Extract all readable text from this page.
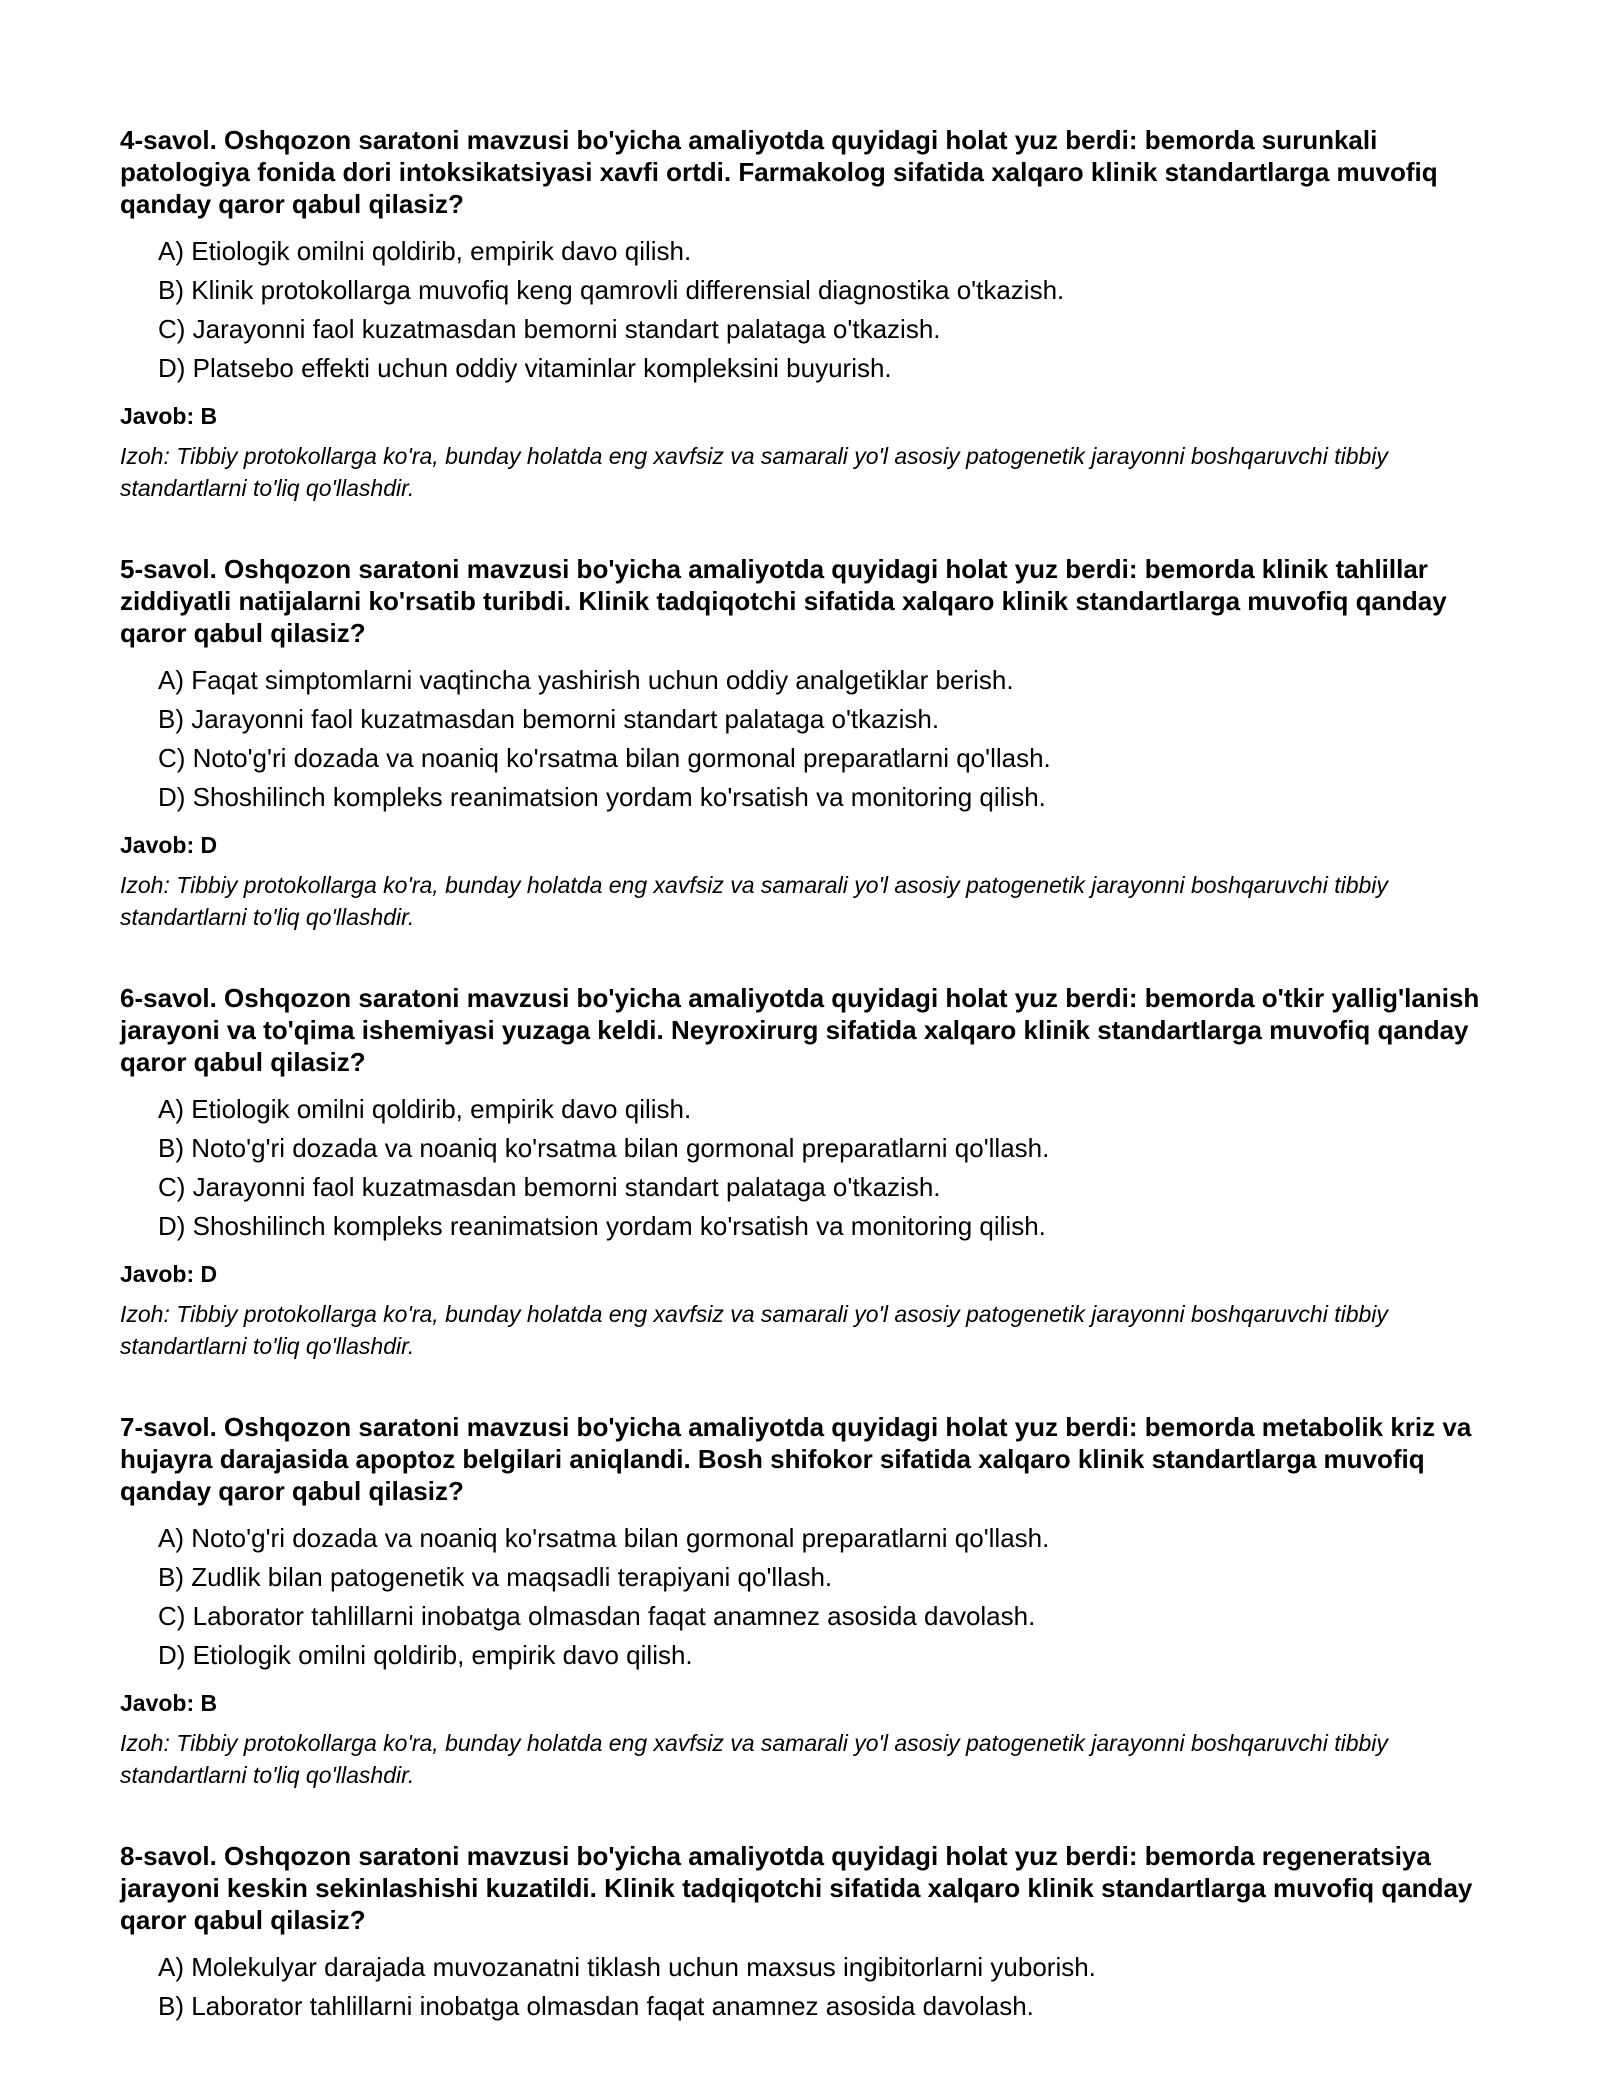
4-savol. Oshqozon saratoni mavzusi bo'yicha amaliyotda quyidagi holat yuz berdi: bemorda surunkali patologiya fonida dori intoksikatsiyasi xavfi ortdi. Farmakolog sifatida xalqaro klinik standartlarga muvofiq qanday qaror qabul qilasiz?

A) Etiologik omilni qoldirib, empirik davo qilish.
B) Klinik protokollarga muvofiq keng qamrovli differensial diagnostika o'tkazish.
C) Jarayonni faol kuzatmasdan bemorni standart palataga o'tkazish.
D) Platsebo effekti uchun oddiy vitaminlar kompleksini buyurish.

Javob: B

Izoh: Tibbiy protokollarga ko'ra, bunday holatda eng xavfsiz va samarali yo'l asosiy patogenetik jarayonni boshqaruvchi tibbiy standartlarni to'liq qo'llashdir.

5-savol. Oshqozon saratoni mavzusi bo'yicha amaliyotda quyidagi holat yuz berdi: bemorda klinik tahlillar ziddiyatli natijalarni ko'rsatib turibdi. Klinik tadqiqotchi sifatida xalqaro klinik standartlarga muvofiq qanday qaror qabul qilasiz?

A) Faqat simptomlarni vaqtincha yashirish uchun oddiy analgetiklar berish.
B) Jarayonni faol kuzatmasdan bemorni standart palataga o'tkazish.
C) Noto'g'ri dozada va noaniq ko'rsatma bilan gormonal preparatlarni qo'llash.
D) Shoshilinch kompleks reanimatsion yordam ko'rsatish va monitoring qilish.

Javob: D

Izoh: Tibbiy protokollarga ko'ra, bunday holatda eng xavfsiz va samarali yo'l asosiy patogenetik jarayonni boshqaruvchi tibbiy standartlarni to'liq qo'llashdir.

6-savol. Oshqozon saratoni mavzusi bo'yicha amaliyotda quyidagi holat yuz berdi: bemorda o'tkir yallig'lanish jarayoni va to'qima ishemiyasi yuzaga keldi. Neyroxirurg sifatida xalqaro klinik standartlarga muvofiq qanday qaror qabul qilasiz?

A) Etiologik omilni qoldirib, empirik davo qilish.
B) Noto'g'ri dozada va noaniq ko'rsatma bilan gormonal preparatlarni qo'llash.
C) Jarayonni faol kuzatmasdan bemorni standart palataga o'tkazish.
D) Shoshilinch kompleks reanimatsion yordam ko'rsatish va monitoring qilish.

Javob: D

Izoh: Tibbiy protokollarga ko'ra, bunday holatda eng xavfsiz va samarali yo'l asosiy patogenetik jarayonni boshqaruvchi tibbiy standartlarni to'liq qo'llashdir.

7-savol. Oshqozon saratoni mavzusi bo'yicha amaliyotda quyidagi holat yuz berdi: bemorda metabolik kriz va hujayra darajasida apoptoz belgilari aniqlandi. Bosh shifokor sifatida xalqaro klinik standartlarga muvofiq qanday qaror qabul qilasiz?

A) Noto'g'ri dozada va noaniq ko'rsatma bilan gormonal preparatlarni qo'llash.
B) Zudlik bilan patogenetik va maqsadli terapiyani qo'llash.
C) Laborator tahlillarni inobatga olmasdan faqat anamnez asosida davolash.
D) Etiologik omilni qoldirib, empirik davo qilish.

Javob: B

Izoh: Tibbiy protokollarga ko'ra, bunday holatda eng xavfsiz va samarali yo'l asosiy patogenetik jarayonni boshqaruvchi tibbiy standartlarni to'liq qo'llashdir.

8-savol. Oshqozon saratoni mavzusi bo'yicha amaliyotda quyidagi holat yuz berdi: bemorda regeneratsiya jarayoni keskin sekinlashishi kuzatildi. Klinik tadqiqotchi sifatida xalqaro klinik standartlarga muvofiq qanday qaror qabul qilasiz?

A) Molekulyar darajada muvozanatni tiklash uchun maxsus ingibitorlarni yuborish.
B) Laborator tahlillarni inobatga olmasdan faqat anamnez asosida davolash.
